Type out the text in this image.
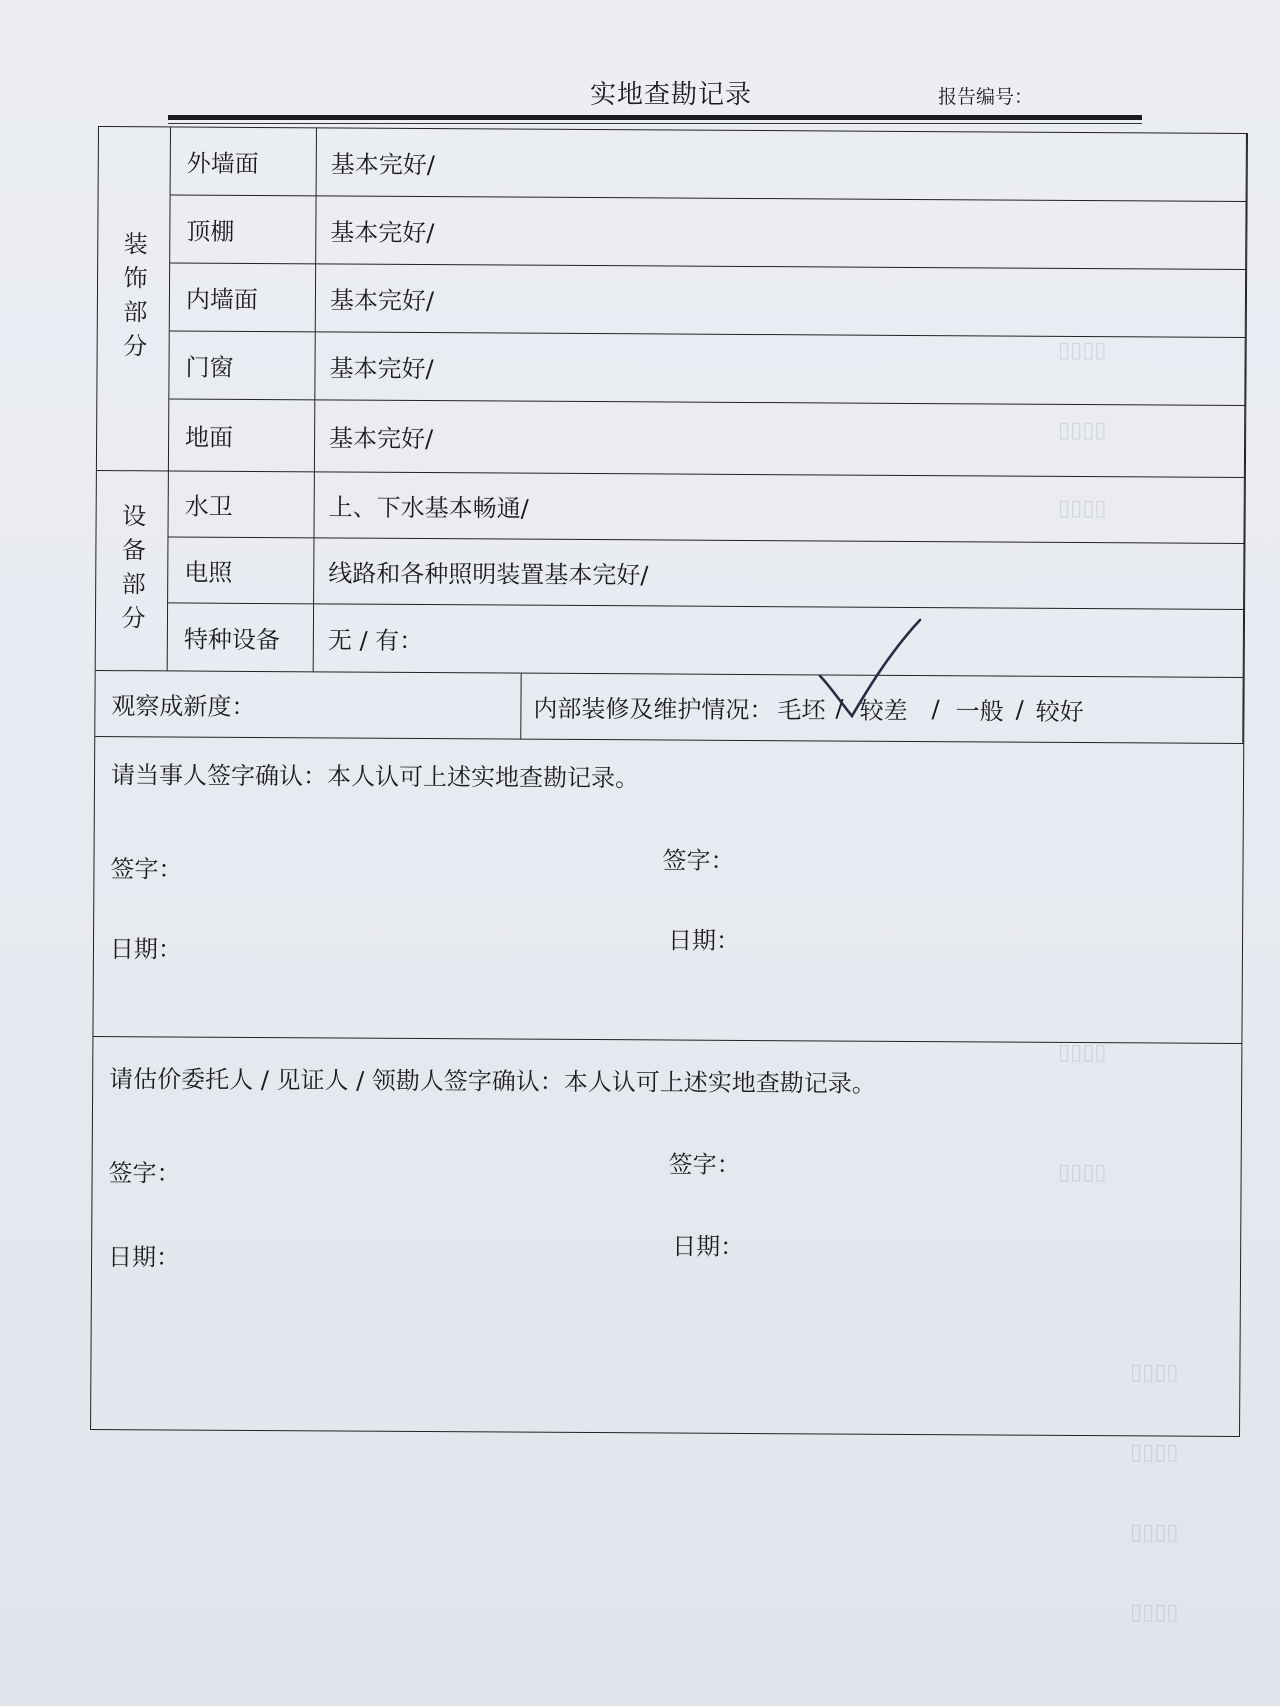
▯▯▯▯
▯▯▯▯
▯▯▯▯
▯▯▯▯
▯▯▯▯
▯▯▯▯
▯▯▯▯
▯▯▯▯
▯▯▯▯
实地查勘记录	报告编号：
装饰部分
外墙面	基本完好/
顶棚	基本完好/
内墙面	基本完好/
门窗	基本完好/
地面	基本完好/
设备部分	水卫	上、下水基本畅通/
电照	线路和各种照明装置基本完好/
特种设备	无 / 有：
观察成新度：	内部装修及维护情况： 毛坯 / 较差 / 一般 / 较好
请当事人签字确认：本人认可上述实地查勘记录。
签字：	签字：
日期：	日期：
请估价委托人 / 见证人 / 领勘人签字确认：本人认可上述实地查勘记录。
签字：	签字：
日期：	日期：
